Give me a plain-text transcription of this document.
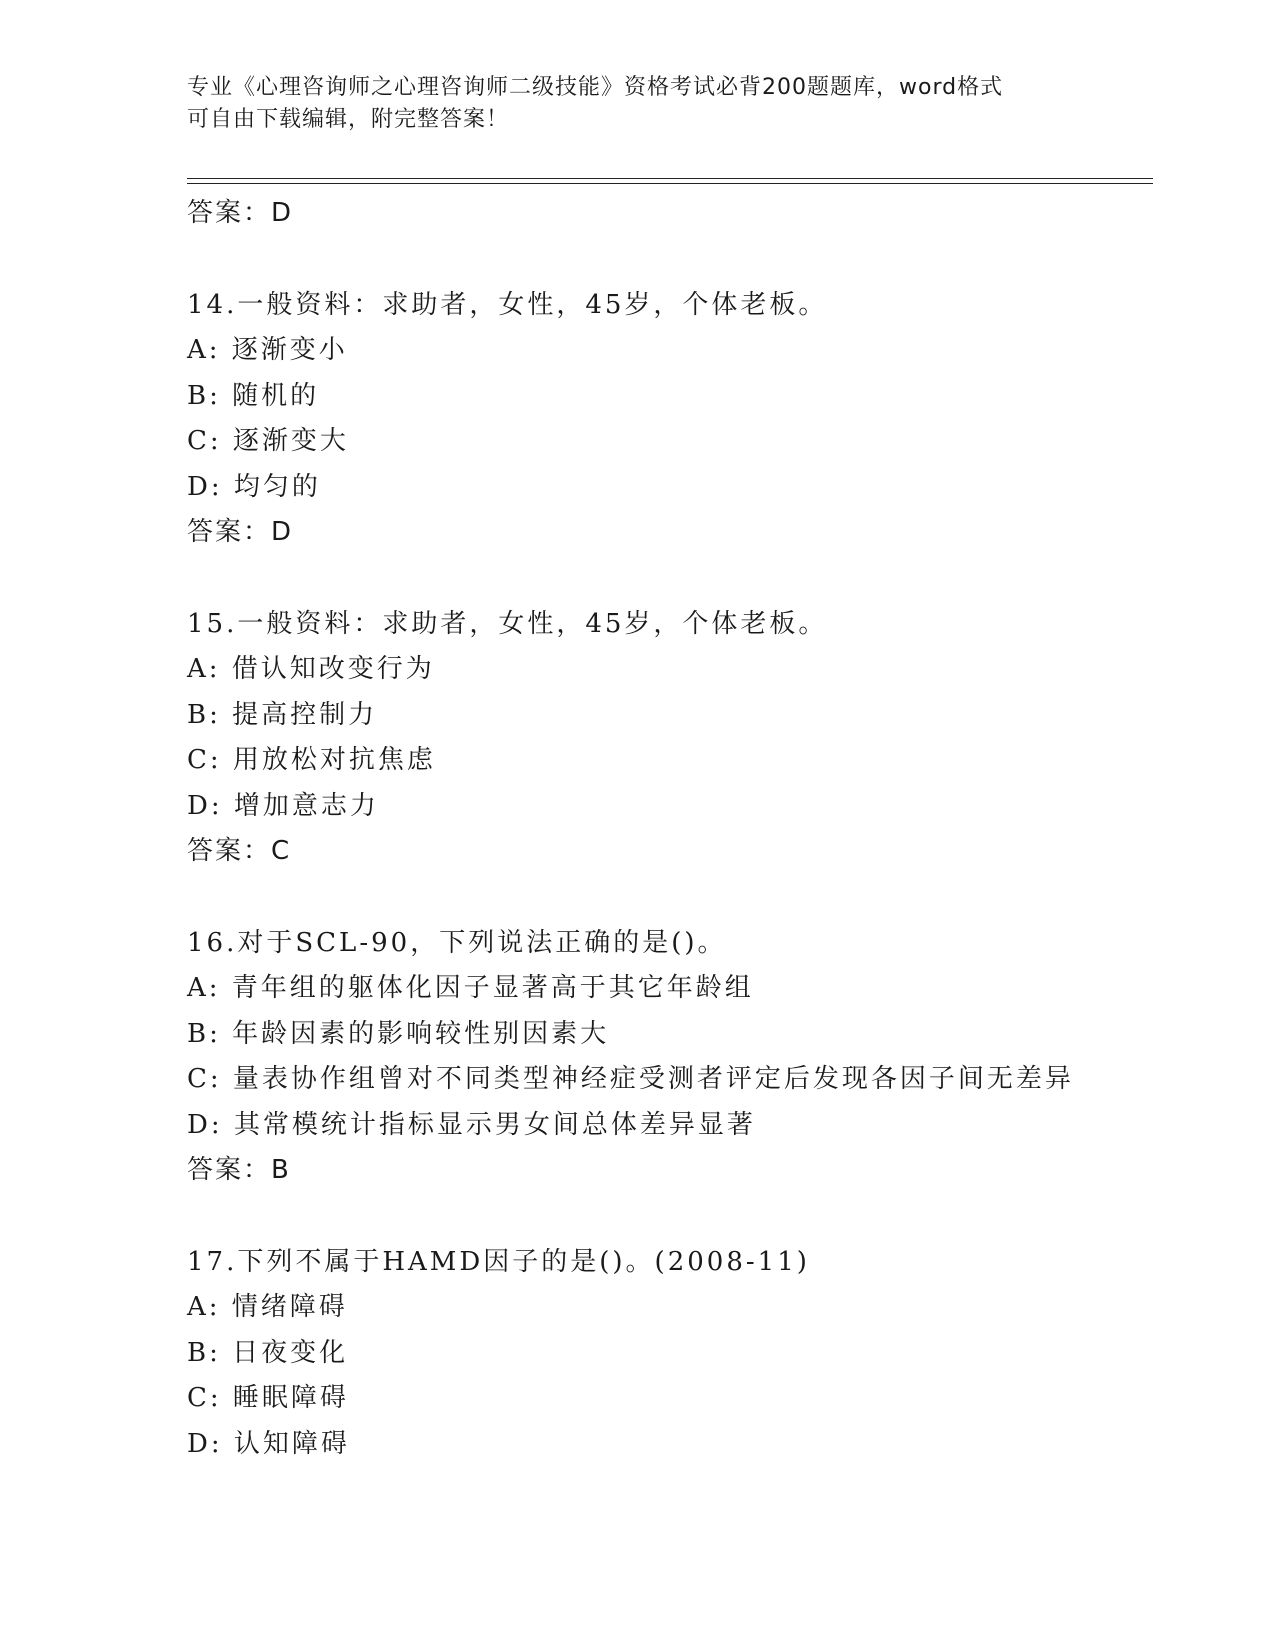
专业《心理咨询师之心理咨询师二级技能》资格考试必背200题题库，word格式
可自由下载编辑，附完整答案！
答案：D
14.一般资料：求助者，女性，45岁，个体老板。
A: 逐渐变小
B: 随机的
C: 逐渐变大
D: 均匀的
答案：D
15.一般资料：求助者，女性，45岁，个体老板。
A: 借认知改变行为
B: 提高控制力
C: 用放松对抗焦虑
D: 增加意志力
答案：C
16.对于SCL-90，下列说法正确的是()。
A: 青年组的躯体化因子显著高于其它年龄组
B: 年龄因素的影响较性别因素大
C: 量表协作组曾对不同类型神经症受测者评定后发现各因子间无差异
D: 其常模统计指标显示男女间总体差异显著
答案：B
17.下列不属于HAMD因子的是()。(2008-11)
A: 情绪障碍
B: 日夜变化
C: 睡眠障碍
D: 认知障碍
